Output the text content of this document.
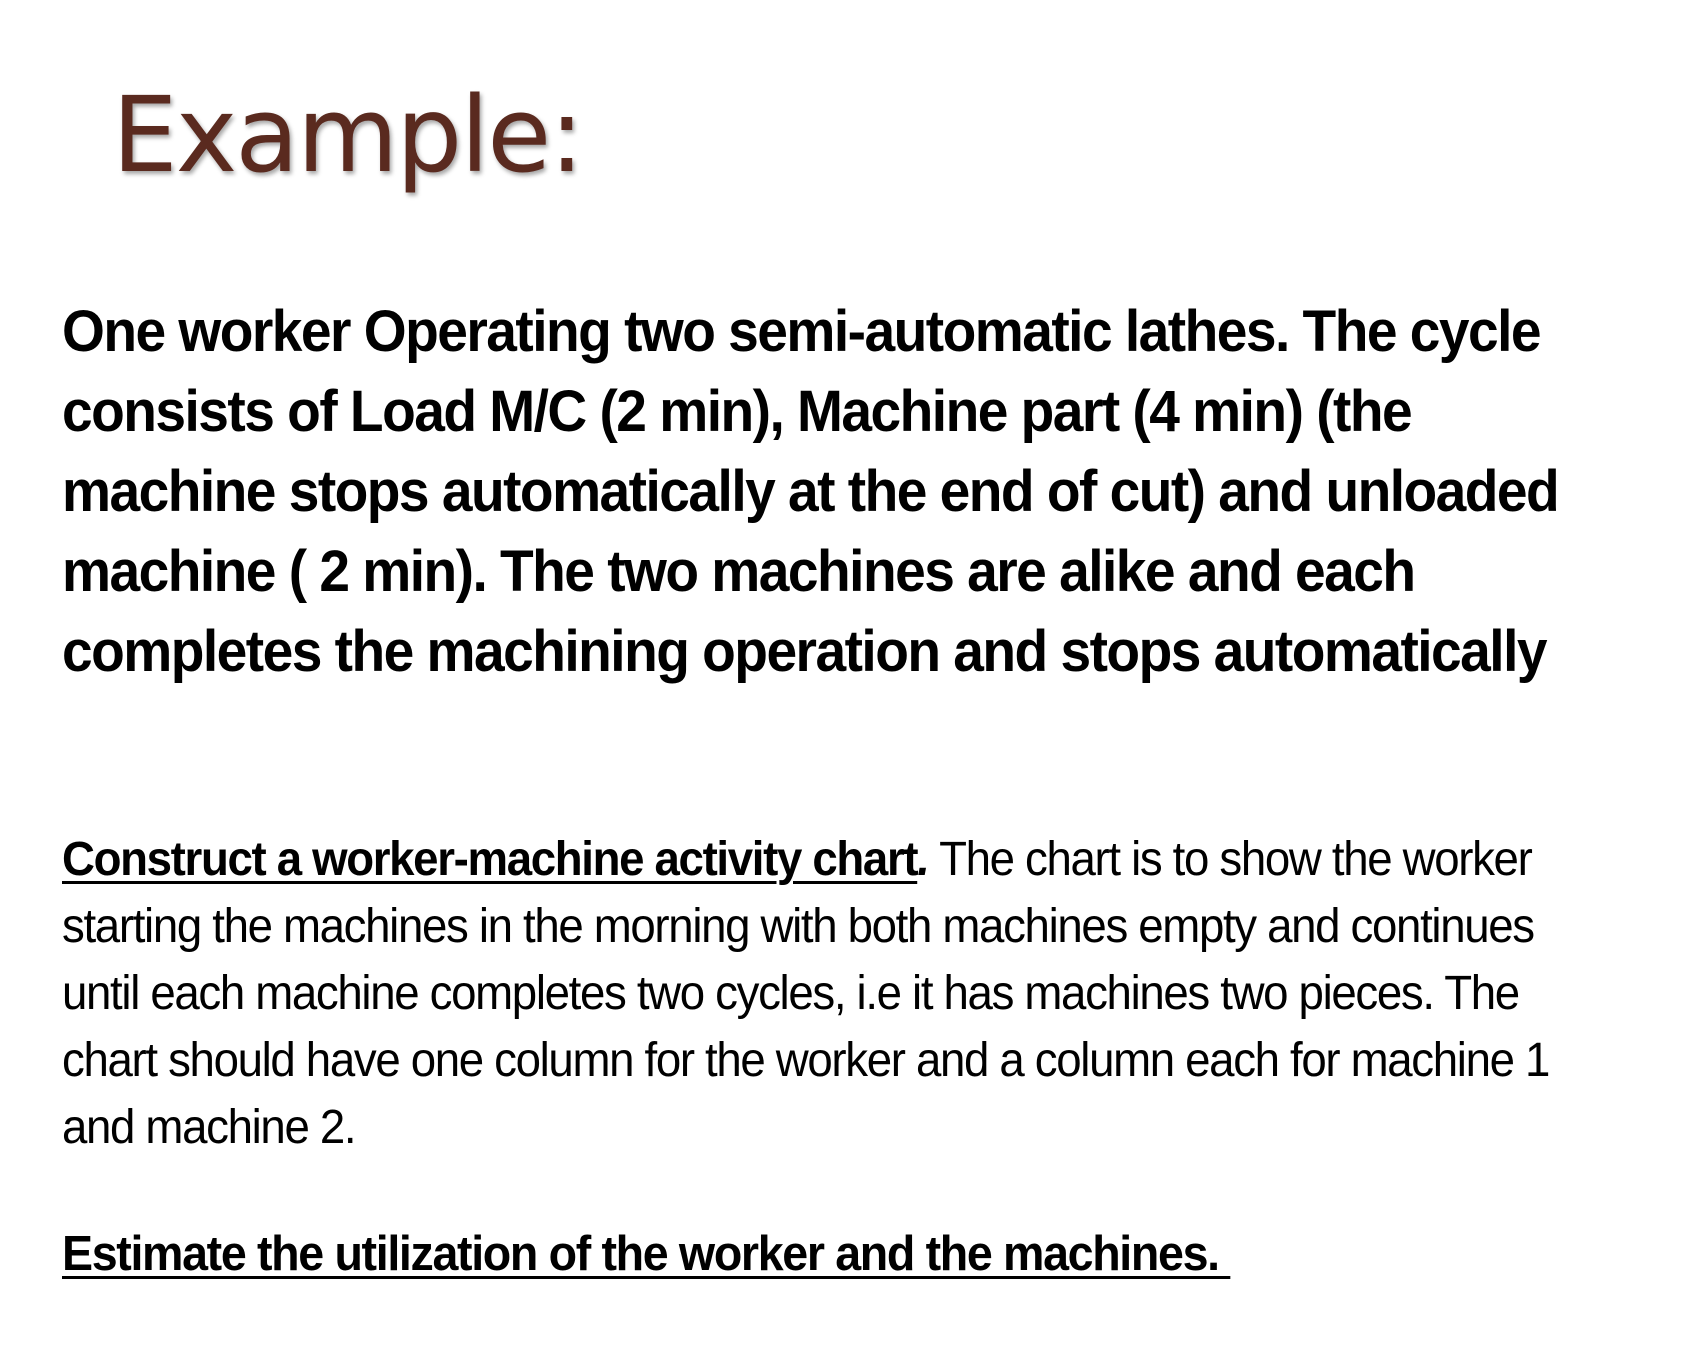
Example:

One worker Operating two semi-automatic lathes. The cycle consists of Load M/C (2 min), Machine part (4 min) (the machine stops automatically at the end of cut) and unloaded machine ( 2 min). The two machines are alike and each completes the machining operation and stops automatically

Construct a worker-machine activity chart. The chart is to show the worker starting the machines in the morning with both machines empty and continues until each machine completes two cycles, i.e it has machines two pieces. The chart should have one column for the worker and a column each for machine 1 and machine 2.

Estimate the utilization of the worker and the machines.
